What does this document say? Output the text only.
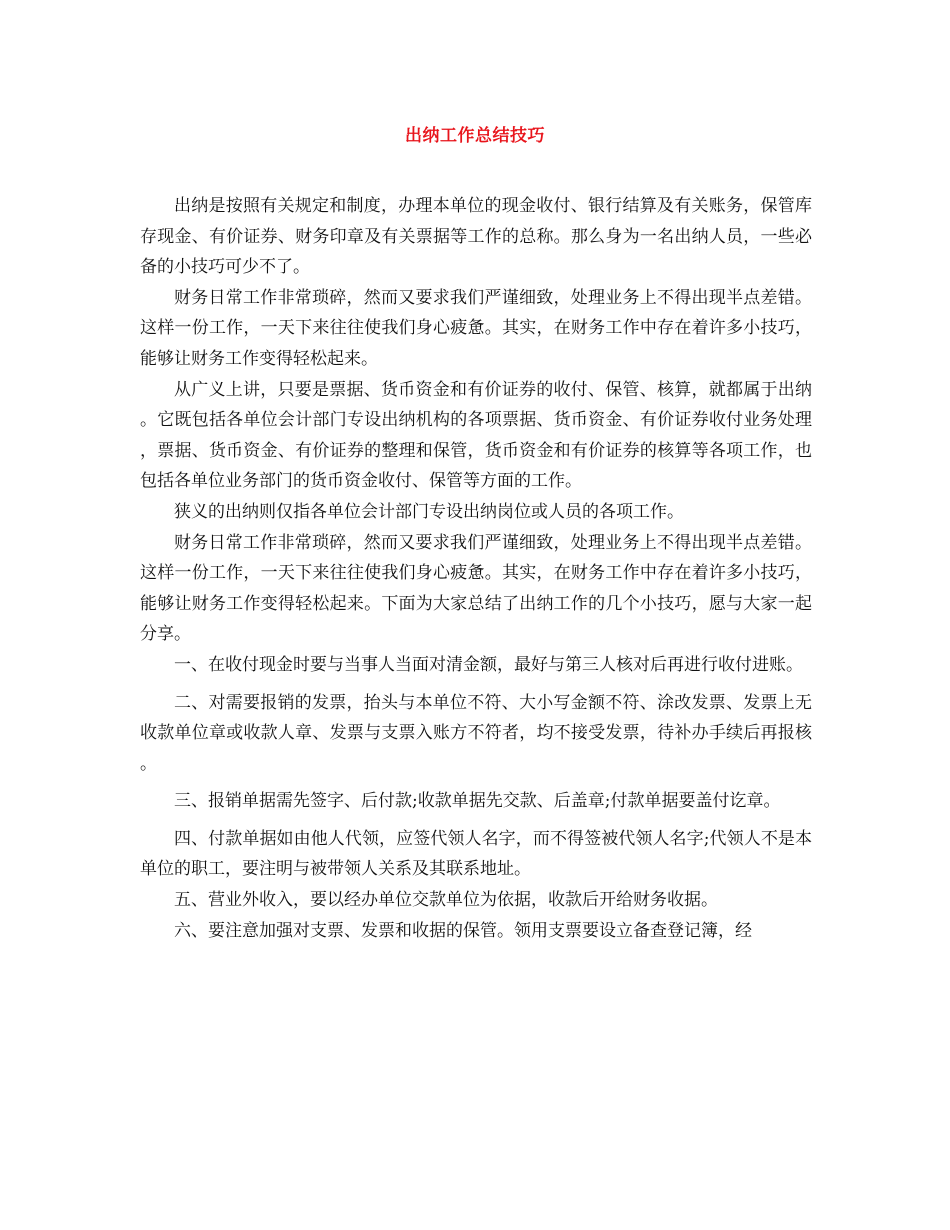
出纳工作总结技巧

出纳是按照有关规定和制度，办理本单位的现金收付、银行结算及有关账务，保管库存现金、有价证券、财务印章及有关票据等工作的总称。那么身为一名出纳人员，一些必备的小技巧可少不了。

财务日常工作非常琐碎，然而又要求我们严谨细致，处理业务上不得出现半点差错。这样一份工作，一天下来往往使我们身心疲惫。其实，在财务工作中存在着许多小技巧，能够让财务工作变得轻松起来。

从广义上讲，只要是票据、货币资金和有价证券的收付、保管、核算，就都属于出纳。它既包括各单位会计部门专设出纳机构的各项票据、货币资金、有价证券收付业务处理，票据、货币资金、有价证券的整理和保管，货币资金和有价证券的核算等各项工作，也包括各单位业务部门的货币资金收付、保管等方面的工作。

狭义的出纳则仅指各单位会计部门专设出纳岗位或人员的各项工作。

财务日常工作非常琐碎，然而又要求我们严谨细致，处理业务上不得出现半点差错。这样一份工作，一天下来往往使我们身心疲惫。其实，在财务工作中存在着许多小技巧，能够让财务工作变得轻松起来。下面为大家总结了出纳工作的几个小技巧，愿与大家一起分享。

一、在收付现金时要与当事人当面对清金额，最好与第三人核对后再进行收付进账。

二、对需要报销的发票，抬头与本单位不符、大小写金额不符、涂改发票、发票上无收款单位章或收款人章、发票与支票入账方不符者，均不接受发票，待补办手续后再报核。

三、报销单据需先签字、后付款;收款单据先交款、后盖章;付款单据要盖付讫章。

四、付款单据如由他人代领，应签代领人名字，而不得签被代领人名字;代领人不是本单位的职工，要注明与被带领人关系及其联系地址。

五、营业外收入，要以经办单位交款单位为依据，收款后开给财务收据。

六、要注意加强对支票、发票和收据的保管。领用支票要设立备查登记簿，经
